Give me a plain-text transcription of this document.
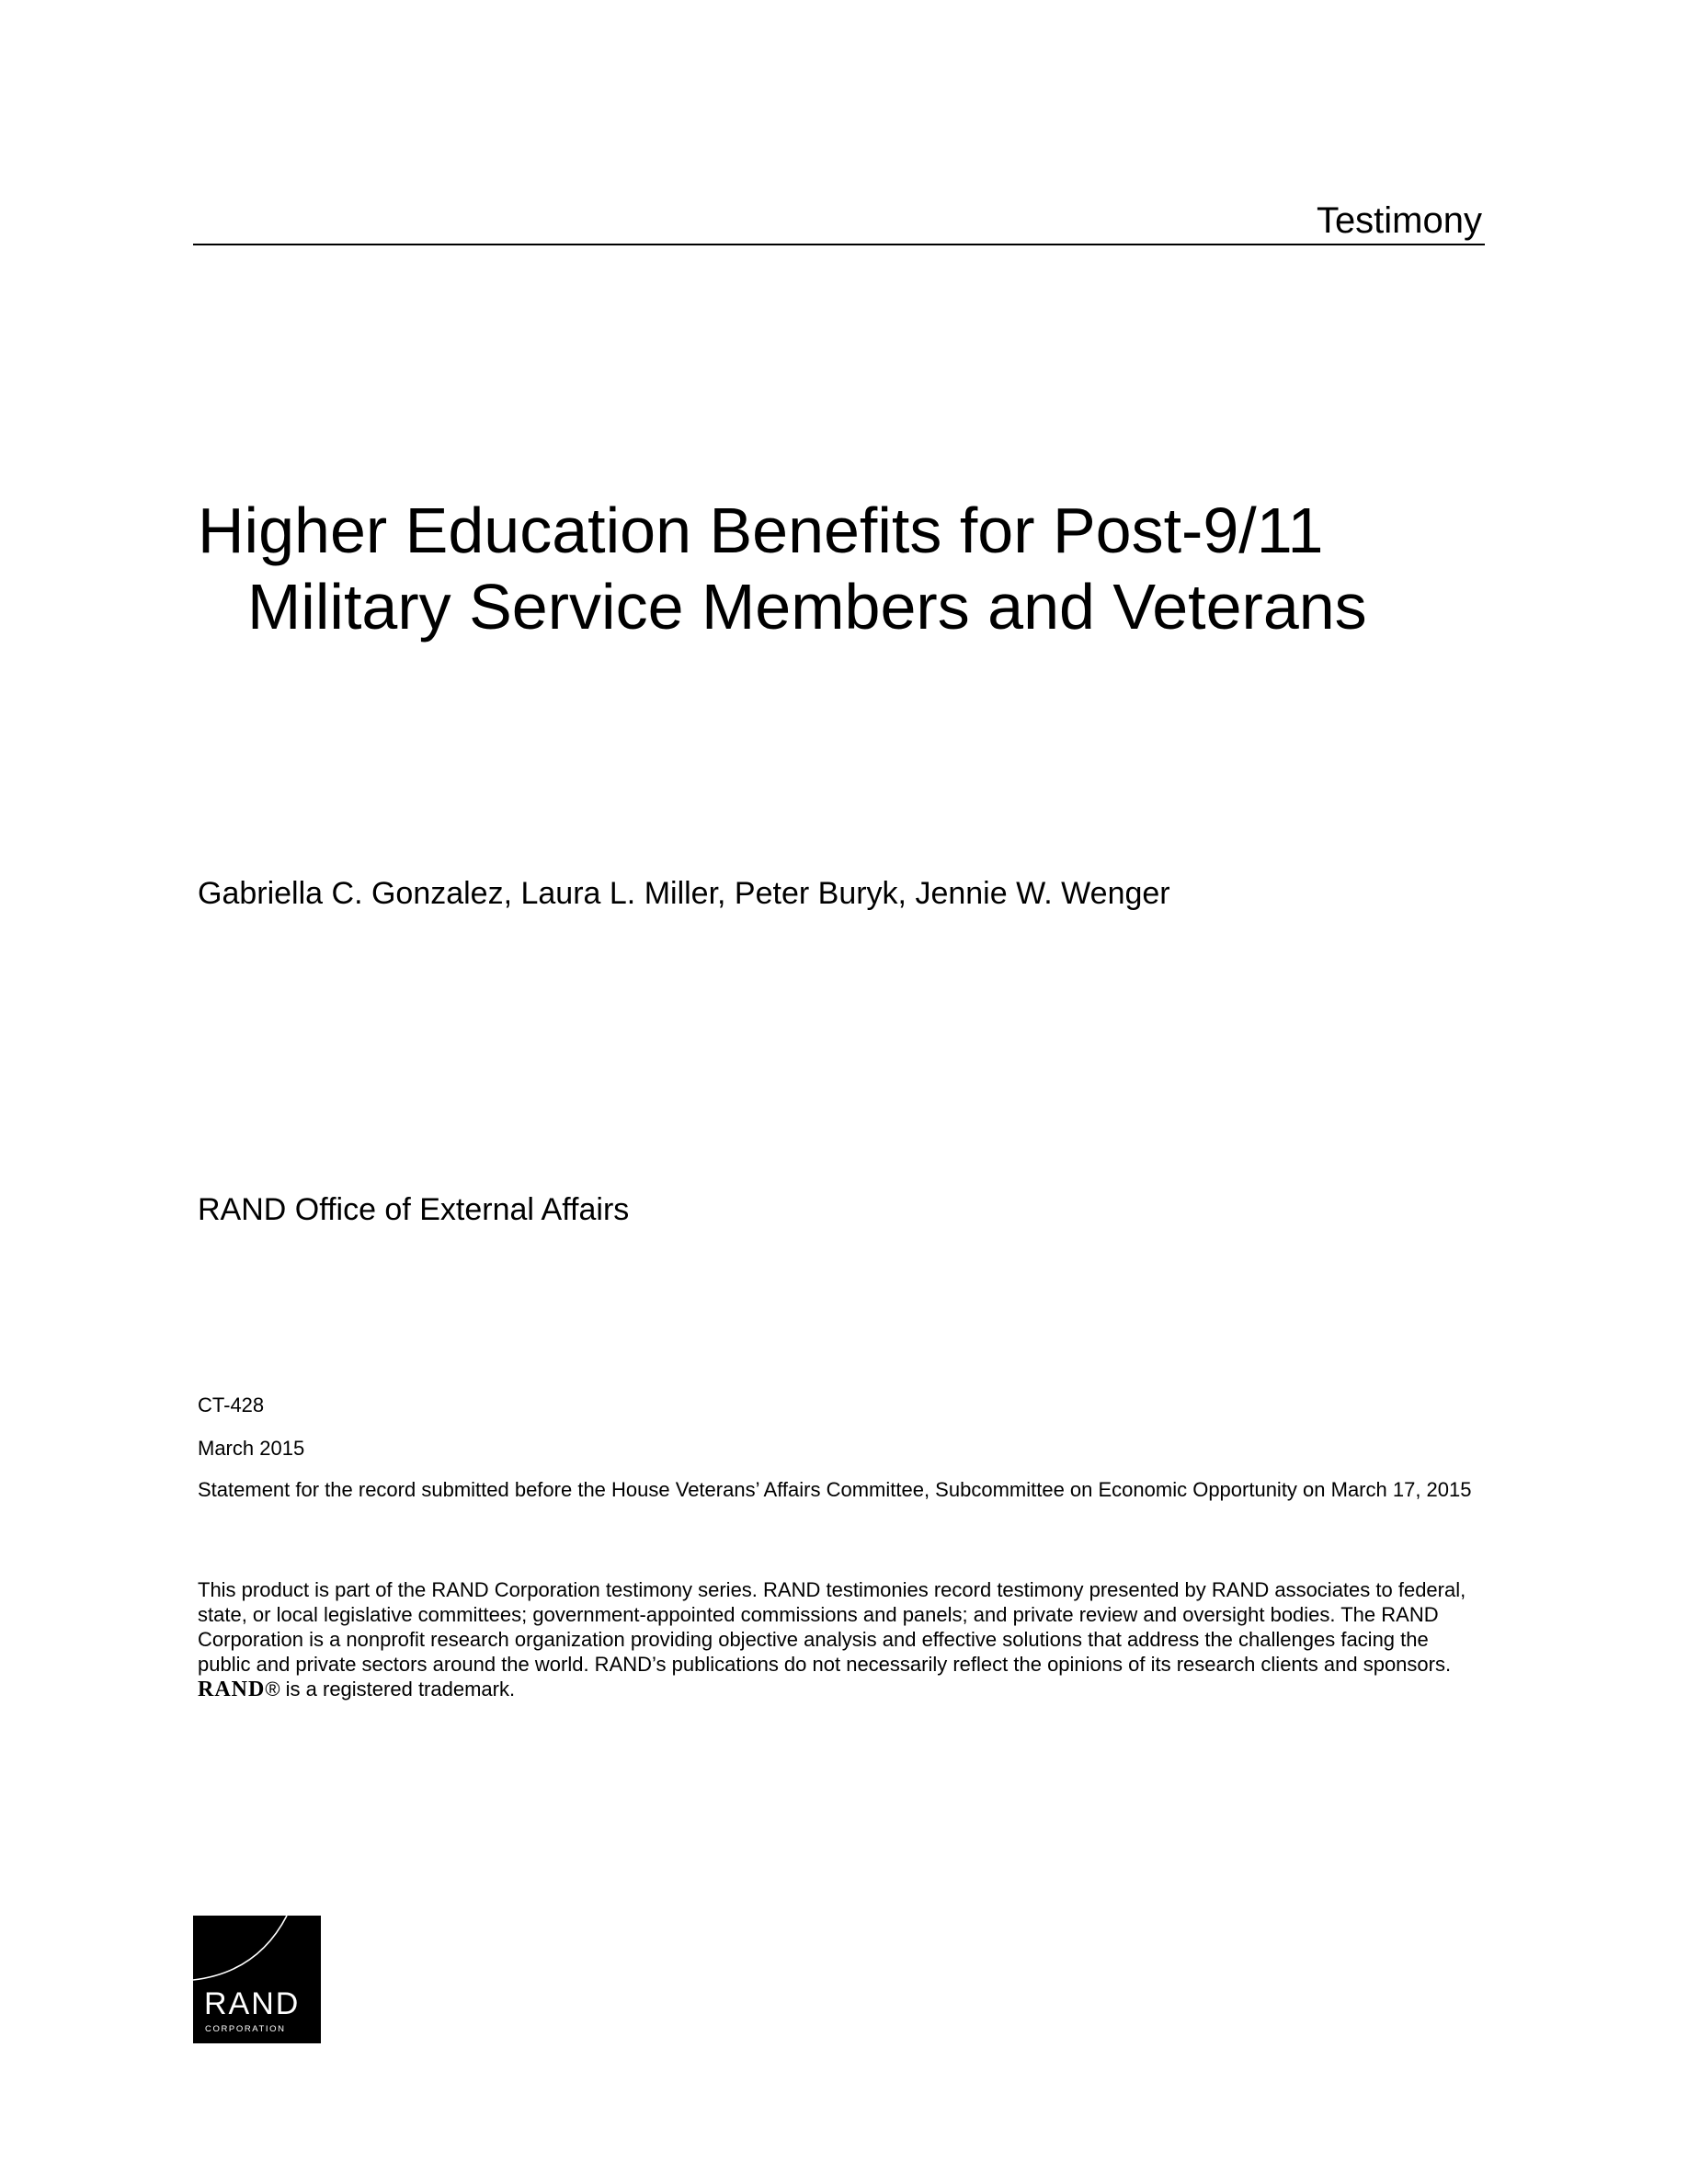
Testimony
Higher Education Benefits for Post-9/11
Military Service Members and Veterans
Gabriella C. Gonzalez, Laura L. Miller, Peter Buryk, Jennie W. Wenger
RAND Office of External Affairs
CT-428
March 2015
Statement for the record submitted before the House Veterans’ Affairs Committee, Subcommittee on Economic Opportunity on March 17, 2015
This product is part of the RAND Corporation testimony series. RAND testimonies record testimony presented by RAND associates to federal, state, or local legislative committees; government-appointed commissions and panels; and private review and oversight bodies. The RAND Corporation is a nonprofit research organization providing objective analysis and effective solutions that address the challenges facing the public and private sectors around the world. RAND’s publications do not necessarily reflect the opinions of its research clients and sponsors. RAND® is a registered trademark.
RAND
CORPORATION
